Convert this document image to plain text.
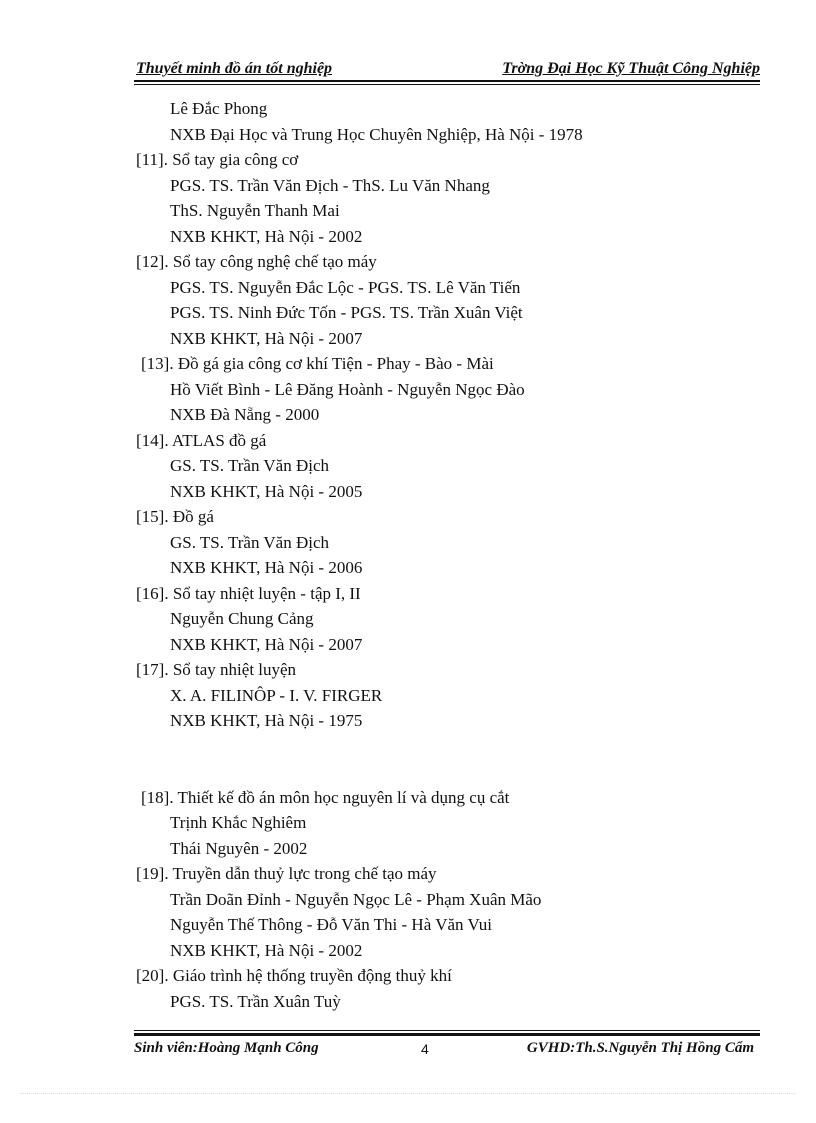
Thuyết minh đồ án tốt nghiệp	Trờng Đại Học Kỹ Thuật Công Nghiệp
Lê Đắc Phong
NXB Đại Học và Trung Học Chuyên Nghiệp, Hà Nội - 1978
[11]. Sổ tay gia công cơ
PGS. TS. Trần Văn Địch - ThS. Lu Văn Nhang
ThS. Nguyễn Thanh Mai
NXB KHKT, Hà Nội - 2002
[12]. Sổ tay công nghệ chế tạo máy
PGS. TS. Nguyễn Đắc Lộc - PGS. TS. Lê Văn Tiến
PGS. TS. Ninh Đức Tốn - PGS. TS. Trần Xuân Việt
NXB KHKT, Hà Nội - 2007
[13]. Đồ gá gia công cơ khí Tiện - Phay - Bào - Mài
Hồ Viết Bình - Lê Đăng Hoành - Nguyễn Ngọc Đào
NXB Đà Nẵng - 2000
[14]. ATLAS đồ gá
GS. TS. Trần Văn Địch
NXB KHKT, Hà Nội - 2005
[15]. Đồ gá
GS. TS. Trần Văn Địch
NXB KHKT, Hà Nội - 2006
[16]. Sổ tay nhiệt luyện - tập I, II
Nguyễn Chung Cảng
NXB KHKT, Hà Nội - 2007
[17]. Sổ tay nhiệt luyện
X. A. FILINÔP - I. V. FIRGER
NXB KHKT, Hà Nội - 1975
[18]. Thiết kế đồ án môn học nguyên lí và dụng cụ cắt
Trịnh Khắc Nghiêm
Thái Nguyên - 2002
[19]. Truyền dẫn thuỷ lực trong chế tạo máy
Trần Doãn Đỉnh - Nguyễn Ngọc Lê - Phạm Xuân Mão
Nguyễn Thế Thông - Đỗ Văn Thi - Hà Văn Vui
NXB KHKT, Hà Nội - 2002
[20]. Giáo trình hệ thống truyền động thuỷ khí
PGS. TS. Trần Xuân Tuỳ
Sinh viên:Hoàng Mạnh Công	4	GVHD:Th.S.Nguyễn Thị Hồng Cẩm
